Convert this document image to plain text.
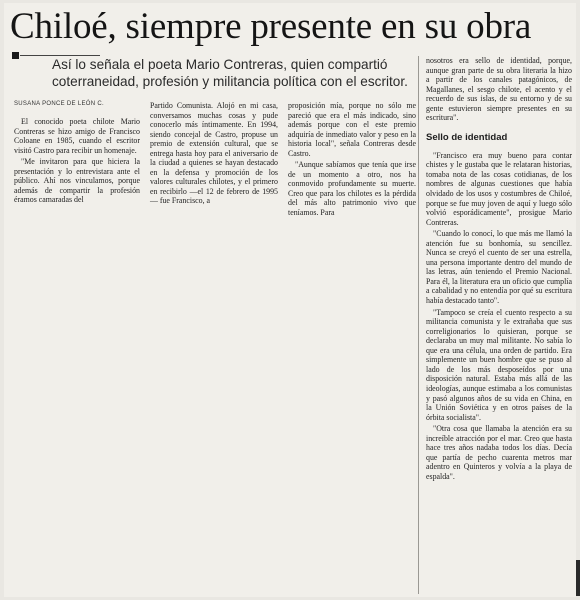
Chiloé, siempre presente en su obra
Así lo señala el poeta Mario Contreras, quien compartió coterraneidad, profesión y militancia política con el escritor.
SUSANA PONCE DE LEÓN C.

El conocido poeta chilote Mario Contreras se hizo amigo de Francisco Coloane en 1985, cuando el escritor visitó Castro para recibir un homenaje.

"Me invitaron para que hiciera la presentación y lo entrevistara ante el público. Ahí nos vinculamos, porque además de compartir la profesión éramos camaradas del

Partido Comunista. Alojó en mi casa, conversamos muchas cosas y pude conocerlo más íntimamente. En 1994, siendo concejal de Castro, propuse un premio de extensión cultural, que se entrega hasta hoy para el aniversario de la ciudad a quienes se hayan destacado en la defensa y promoción de los valores culturales chilotes, y el primero en recibirlo —el 12 de febrero de 1995— fue Francisco, a

proposición mía, porque no sólo me pareció que era el más indicado, sino además porque con el este premio adquiría de inmediato valor y peso en la historia local", señala Contreras desde Castro.

"Aunque sabíamos que tenía que irse de un momento a otro, nos ha conmovido profundamente su muerte. Creo que para los chilotes es la pérdida del más alto patrimonio vivo que teníamos. Para

nosotros era sello de identidad, porque, aunque gran parte de su obra literaria la hizo a partir de los canales patagónicos, de Magallanes, el sesgo chilote, el acento y el recuerdo de sus islas, de su entorno y de su gente estuvieron siempre presentes en su escritura".

Sello de identidad

"Francisco era muy bueno para contar chistes y le gustaba que le relataran historias, tomaba nota de las cosas cotidianas, de los nombres de algunas cuestiones que había olvidado de los usos y costumbres de Chiloé, porque se fue muy joven de aquí y luego sólo volvió esporádicamente", prosigue Mario Contreras.

"Cuando lo conocí, lo que más me llamó la atención fue su bonhomía, su sencillez. Nunca se creyó el cuento de ser una estrella, una persona importante dentro del mundo de las letras, aún teniendo el Premio Nacional. Para él, la literatura era un oficio que cumplía a cabalidad y no entendía por qué su escritura había destacado tanto".

"Tampoco se creía el cuento respecto a su militancia comunista y le extrañaba que sus correligionarios lo quisieran, porque se declaraba un muy mal militante. No sabía lo que era una célula, una orden de partido. Era simplemente un buen hombre que se puso al lado de los más desposeídos por una disposición natural. Estaba más allá de las ideologías, aunque estimaba a los comunistas y pasó algunos años de su vida en China, en la Unión Soviética y en otros países de la órbita socialista".

"Otra cosa que llamaba la atención era su increíble atracción por el mar. Creo que hasta hace tres años nadaba todos los días. Decía que partía de pecho cuarenta metros mar adentro en Quinteros y volvía a la playa de espalda".
